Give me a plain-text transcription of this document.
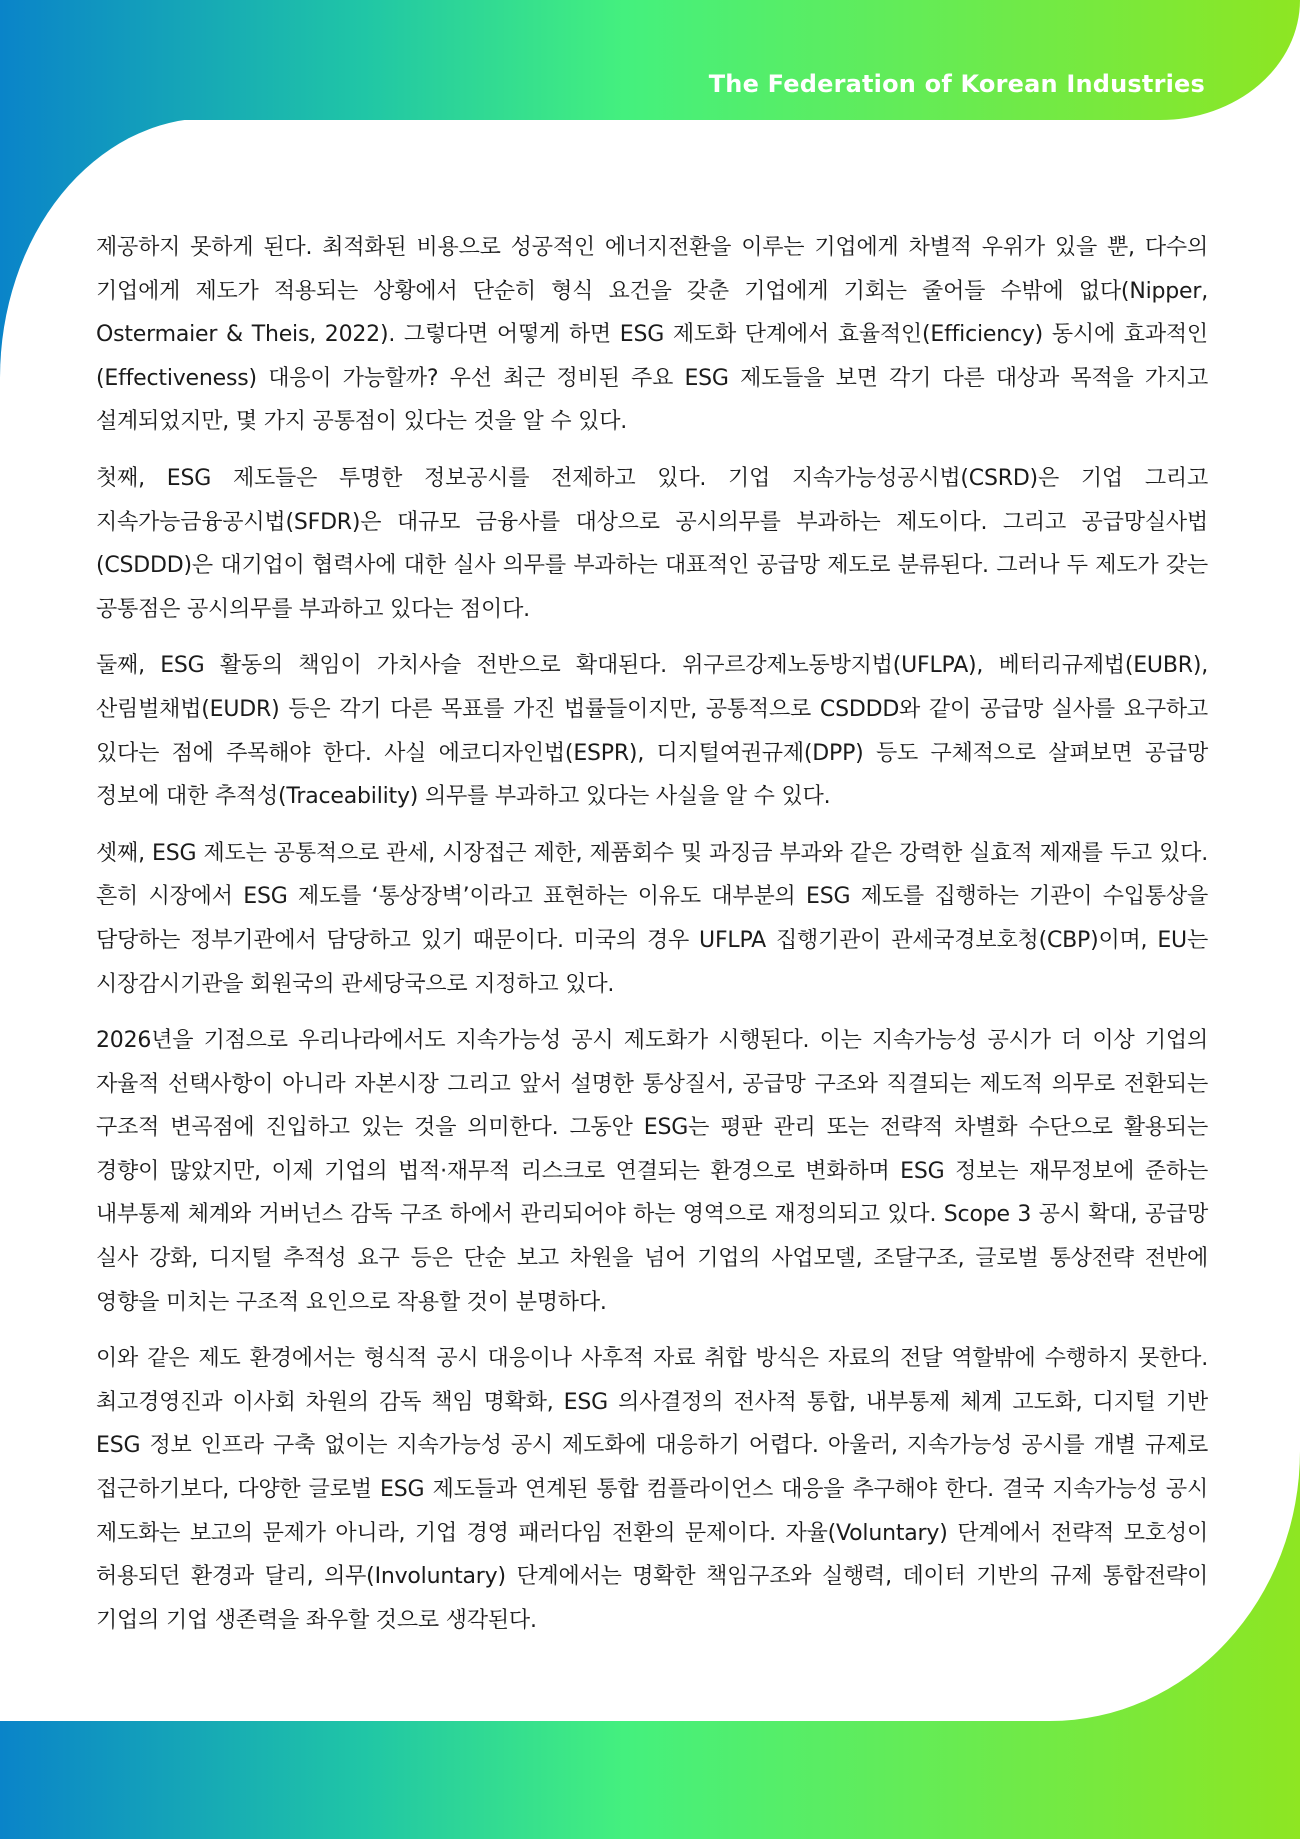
The Federation of Korean Industries

제공하지 못하게 된다. 최적화된 비용으로 성공적인 에너지전환을 이루는 기업에게 차별적 우위가 있을 뿐, 다수의 기업에게 제도가 적용되는 상황에서 단순히 형식 요건을 갖춘 기업에게 기회는 줄어들 수밖에 없다(Nipper, Ostermaier & Theis, 2022). 그렇다면 어떻게 하면 ESG 제도화 단계에서 효율적인(Efficiency) 동시에 효과적인(Effectiveness) 대응이 가능할까? 우선 최근 정비된 주요 ESG 제도들을 보면 각기 다른 대상과 목적을 가지고 설계되었지만, 몇 가지 공통점이 있다는 것을 알 수 있다.

첫째, ESG 제도들은 투명한 정보공시를 전제하고 있다. 기업 지속가능성공시법(CSRD)은 기업 그리고 지속가능금융공시법(SFDR)은 대규모 금융사를 대상으로 공시의무를 부과하는 제도이다. 그리고 공급망실사법(CSDDD)은 대기업이 협력사에 대한 실사 의무를 부과하는 대표적인 공급망 제도로 분류된다. 그러나 두 제도가 갖는 공통점은 공시의무를 부과하고 있다는 점이다.

둘째, ESG 활동의 책임이 가치사슬 전반으로 확대된다. 위구르강제노동방지법(UFLPA), 베터리규제법(EUBR), 산림벌채법(EUDR) 등은 각기 다른 목표를 가진 법률들이지만, 공통적으로 CSDDD와 같이 공급망 실사를 요구하고 있다는 점에 주목해야 한다. 사실 에코디자인법(ESPR), 디지털여권규제(DPP) 등도 구체적으로 살펴보면 공급망 정보에 대한 추적성(Traceability) 의무를 부과하고 있다는 사실을 알 수 있다.

셋째, ESG 제도는 공통적으로 관세, 시장접근 제한, 제품회수 및 과징금 부과와 같은 강력한 실효적 제재를 두고 있다. 흔히 시장에서 ESG 제도를 ‘통상장벽’이라고 표현하는 이유도 대부분의 ESG 제도를 집행하는 기관이 수입통상을 담당하는 정부기관에서 담당하고 있기 때문이다. 미국의 경우 UFLPA 집행기관이 관세국경보호청(CBP)이며, EU는 시장감시기관을 회원국의 관세당국으로 지정하고 있다.

2026년을 기점으로 우리나라에서도 지속가능성 공시 제도화가 시행된다. 이는 지속가능성 공시가 더 이상 기업의 자율적 선택사항이 아니라 자본시장 그리고 앞서 설명한 통상질서, 공급망 구조와 직결되는 제도적 의무로 전환되는 구조적 변곡점에 진입하고 있는 것을 의미한다. 그동안 ESG는 평판 관리 또는 전략적 차별화 수단으로 활용되는 경향이 많았지만, 이제 기업의 법적·재무적 리스크로 연결되는 환경으로 변화하며 ESG 정보는 재무정보에 준하는 내부통제 체계와 거버넌스 감독 구조 하에서 관리되어야 하는 영역으로 재정의되고 있다. Scope 3 공시 확대, 공급망 실사 강화, 디지털 추적성 요구 등은 단순 보고 차원을 넘어 기업의 사업모델, 조달구조, 글로벌 통상전략 전반에 영향을 미치는 구조적 요인으로 작용할 것이 분명하다.

이와 같은 제도 환경에서는 형식적 공시 대응이나 사후적 자료 취합 방식은 자료의 전달 역할밖에 수행하지 못한다. 최고경영진과 이사회 차원의 감독 책임 명확화, ESG 의사결정의 전사적 통합, 내부통제 체계 고도화, 디지털 기반 ESG 정보 인프라 구축 없이는 지속가능성 공시 제도화에 대응하기 어렵다. 아울러, 지속가능성 공시를 개별 규제로 접근하기보다, 다양한 글로벌 ESG 제도들과 연계된 통합 컴플라이언스 대응을 추구해야 한다. 결국 지속가능성 공시 제도화는 보고의 문제가 아니라, 기업 경영 패러다임 전환의 문제이다. 자율(Voluntary) 단계에서 전략적 모호성이 허용되던 환경과 달리, 의무(Involuntary) 단계에서는 명확한 책임구조와 실행력, 데이터 기반의 규제 통합전략이 기업의 기업 생존력을 좌우할 것으로 생각된다.
